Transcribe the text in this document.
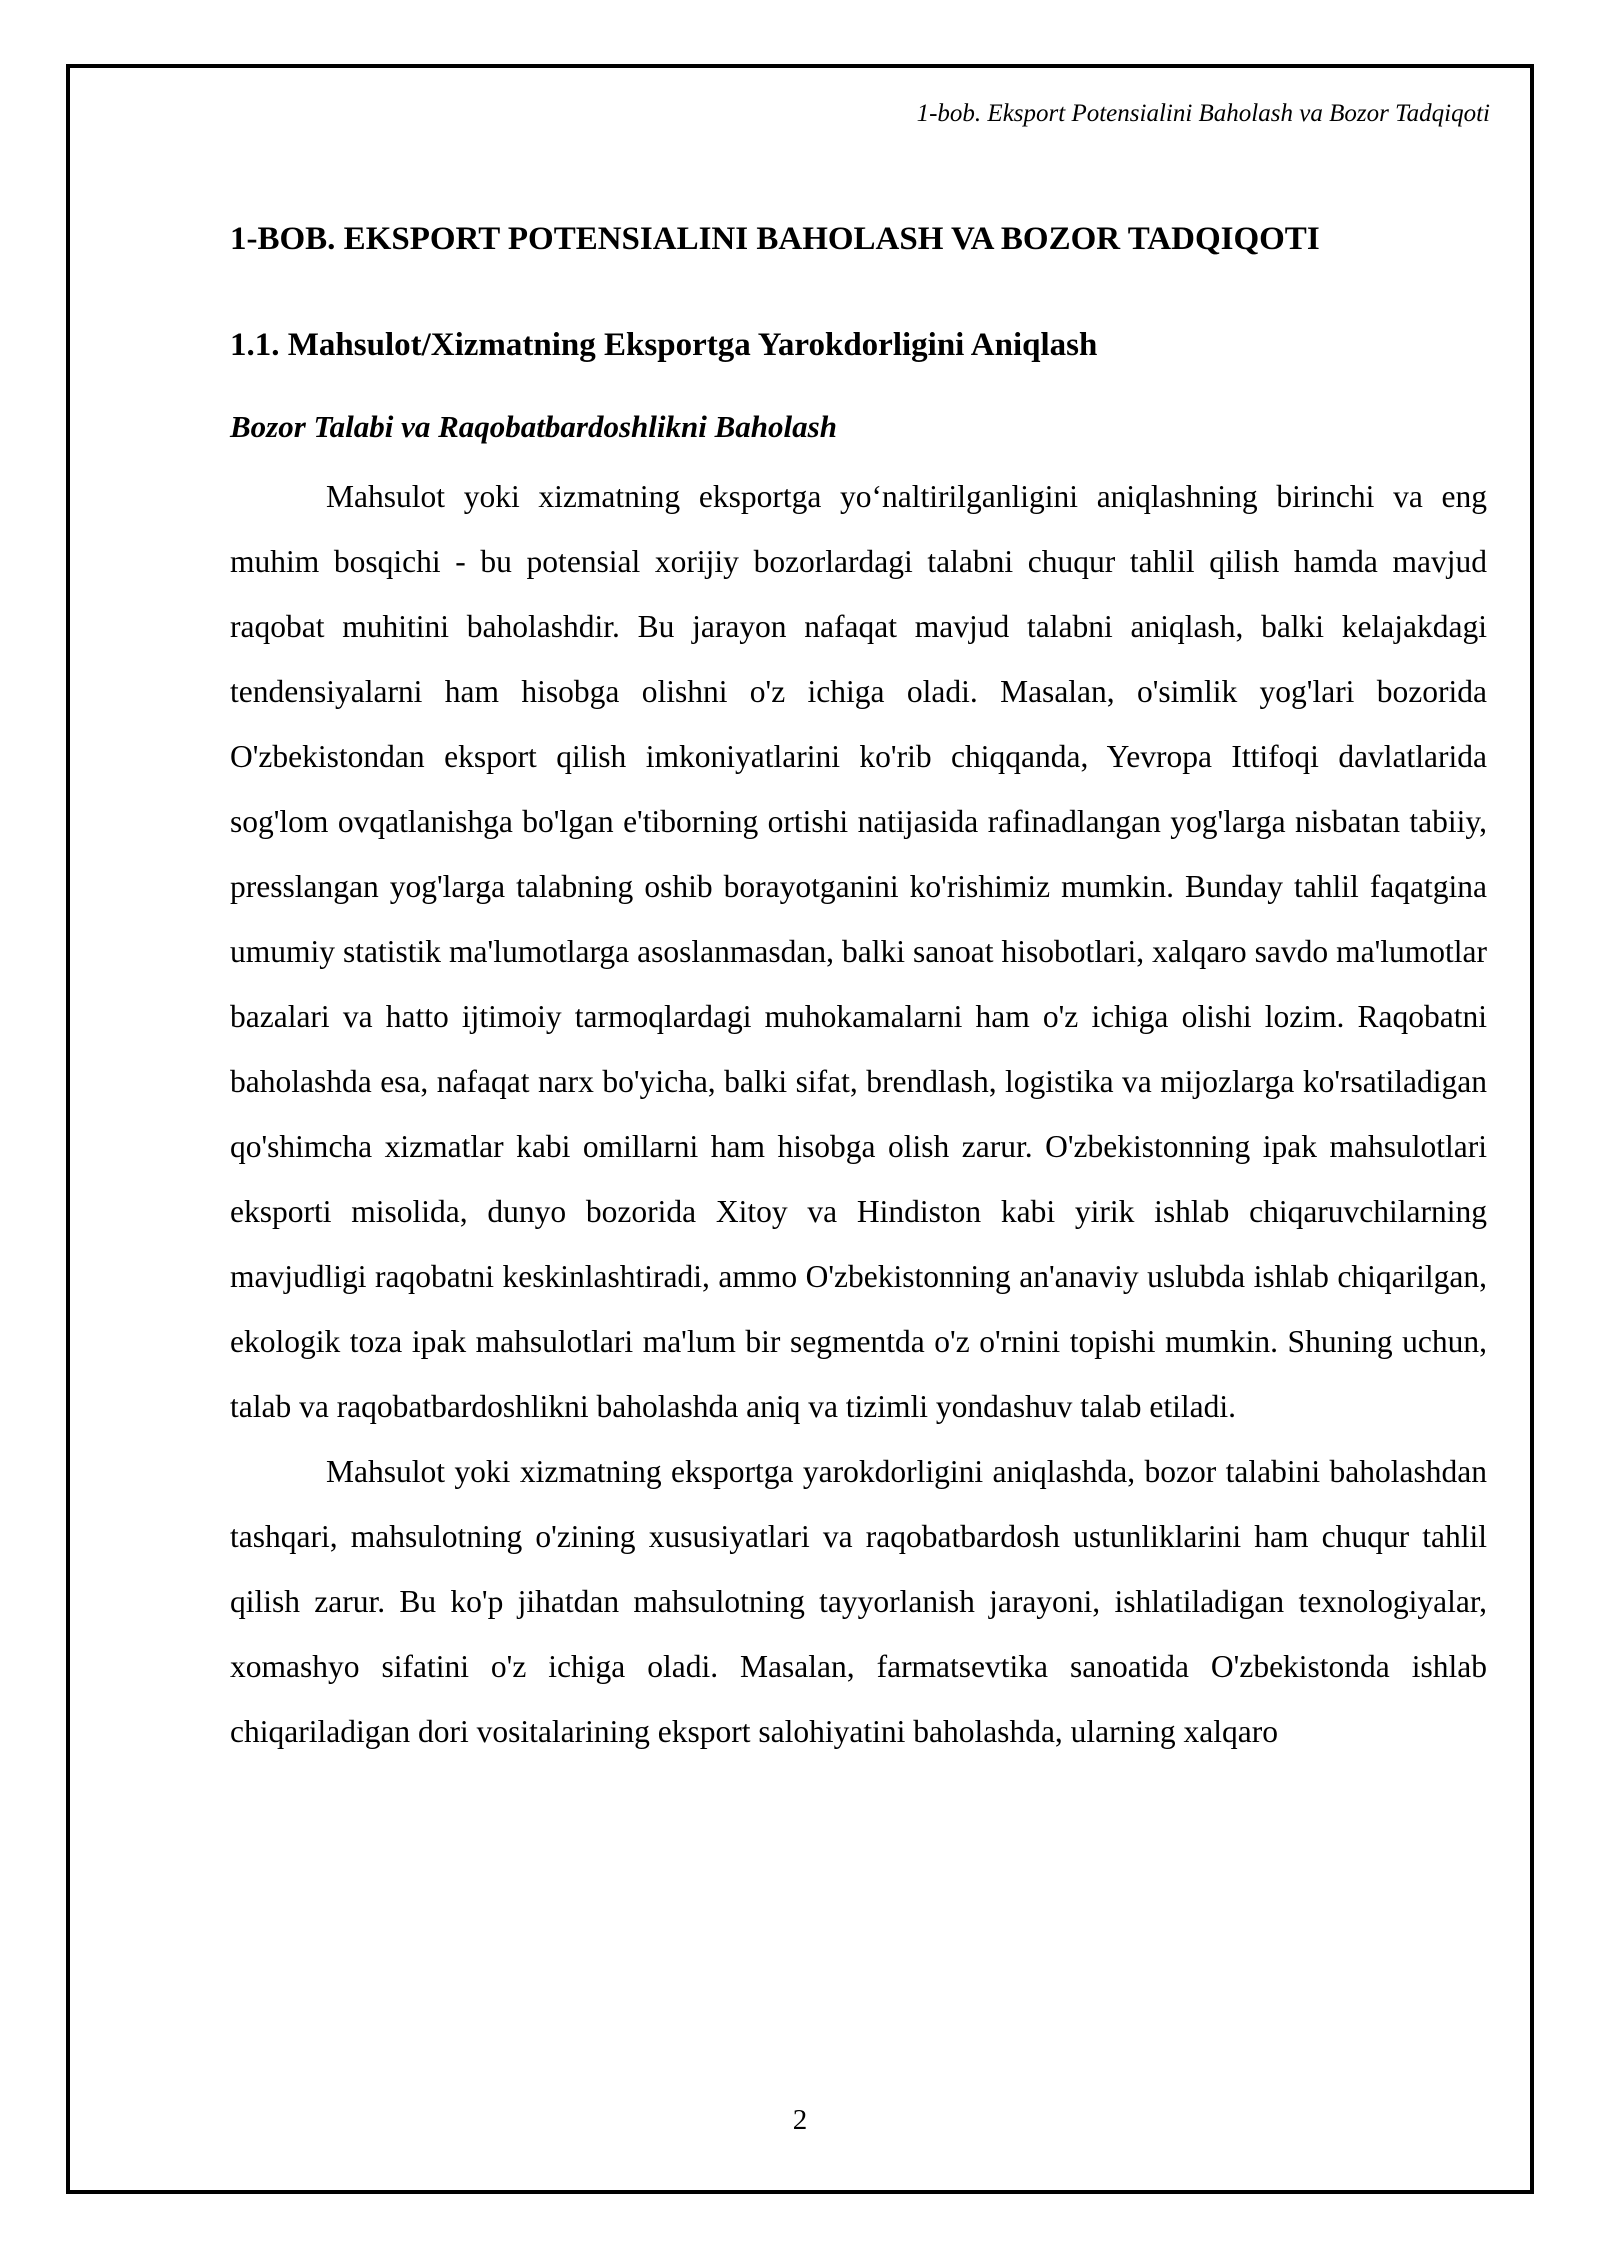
1-bob. Eksport Potensialini Baholash va Bozor Tadqiqoti
1-BOB. EKSPORT POTENSIALINI BAHOLASH VA BOZOR TADQIQOTI
1.1. Mahsulot/Xizmatning Eksportga Yarokdorligini Aniqlash
Bozor Talabi va Raqobatbardoshlikni Baholash

Mahsulot yoki xizmatning eksportga yo‘naltirilganligini aniqlashning birinchi va eng muhim bosqichi - bu potensial xorijiy bozorlardagi talabni chuqur tahlil qilish hamda mavjud raqobat muhitini baholashdir. Bu jarayon nafaqat mavjud talabni aniqlash, balki kelajakdagi tendensiyalarni ham hisobga olishni o'z ichiga oladi. Masalan, o'simlik yog'lari bozorida O'zbekistondan eksport qilish imkoniyatlarini ko'rib chiqqanda, Yevropa Ittifoqi davlatlarida sog'lom ovqatlanishga bo'lgan e'tiborning ortishi natijasida rafinadlangan yog'larga nisbatan tabiiy, presslangan yog'larga talabning oshib borayotganini ko'rishimiz mumkin. Bunday tahlil faqatgina umumiy statistik ma'lumotlarga asoslanmasdan, balki sanoat hisobotlari, xalqaro savdo ma'lumotlar bazalari va hatto ijtimoiy tarmoqlardagi muhokamalarni ham o'z ichiga olishi lozim. Raqobatni baholashda esa, nafaqat narx bo'yicha, balki sifat, brendlash, logistika va mijozlarga ko'rsatiladigan qo'shimcha xizmatlar kabi omillarni ham hisobga olish zarur. O'zbekistonning ipak mahsulotlari eksporti misolida, dunyo bozorida Xitoy va Hindiston kabi yirik ishlab chiqaruvchilarning mavjudligi raqobatni keskinlashtiradi, ammo O'zbekistonning an'anaviy uslubda ishlab chiqarilgan, ekologik toza ipak mahsulotlari ma'lum bir segmentda o'z o'rnini topishi mumkin. Shuning uchun, talab va raqobatbardoshlikni baholashda aniq va tizimli yondashuv talab etiladi.

Mahsulot yoki xizmatning eksportga yarokdorligini aniqlashda, bozor talabini baholashdan tashqari, mahsulotning o'zining xususiyatlari va raqobatbardosh ustunliklarini ham chuqur tahlil qilish zarur. Bu ko'p jihatdan mahsulotning tayyorlanish jarayoni, ishlatiladigan texnologiyalar, xomashyo sifatini o'z ichiga oladi. Masalan, farmatsevtika sanoatida O'zbekistonda ishlab chiqariladigan dori vositalarining eksport salohiyatini baholashda, ularning xalqaro

2
